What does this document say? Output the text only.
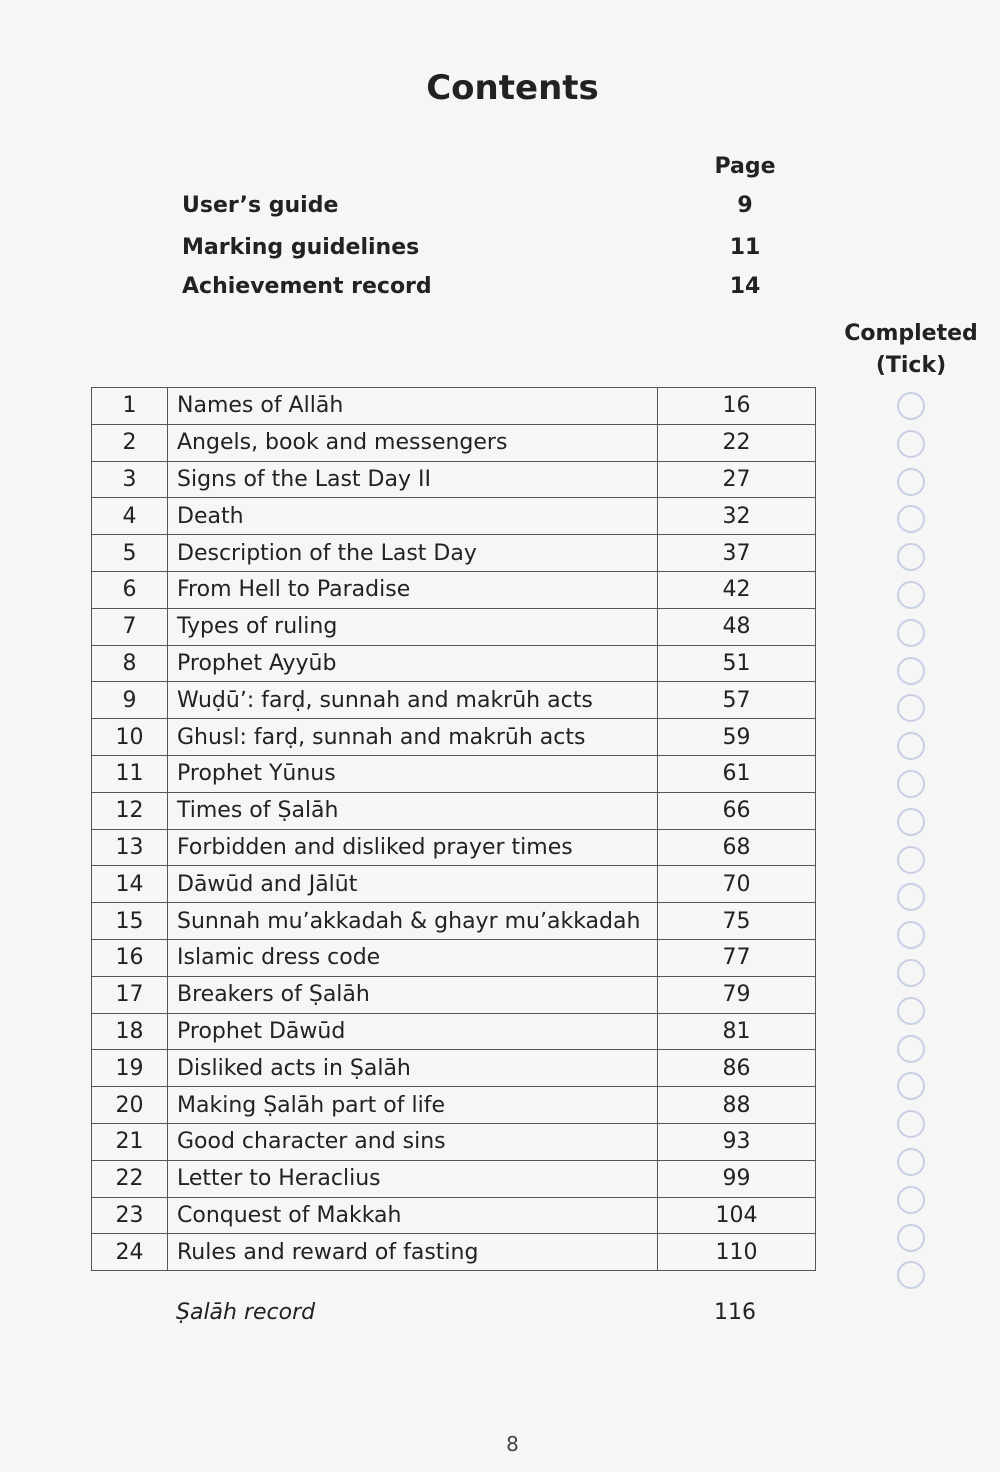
Contents
Page
User’s guide	9
Marking guidelines	11
Achievement record	14
Completed
(Tick)
1	Names of Allāh	16
2	Angels, book and messengers	22
3	Signs of the Last Day II	27
4	Death	32
5	Description of the Last Day	37
6	From Hell to Paradise	42
7	Types of ruling	48
8	Prophet Ayyūb	51
9	Wuḍūʼ: farḍ, sunnah and makrūh acts	57
10	Ghusl: farḍ, sunnah and makrūh acts	59
11	Prophet Yūnus	61
12	Times of Ṣalāh	66
13	Forbidden and disliked prayer times	68
14	Dāwūd and Jālūt	70
15	Sunnah muʼakkadah & ghayr muʼakkadah	75
16	Islamic dress code	77
17	Breakers of Ṣalāh	79
18	Prophet Dāwūd	81
19	Disliked acts in Ṣalāh	86
20	Making Ṣalāh part of life	88
21	Good character and sins	93
22	Letter to Heraclius	99
23	Conquest of Makkah	104
24	Rules and reward of fasting	110
Ṣalāh record	116
8
